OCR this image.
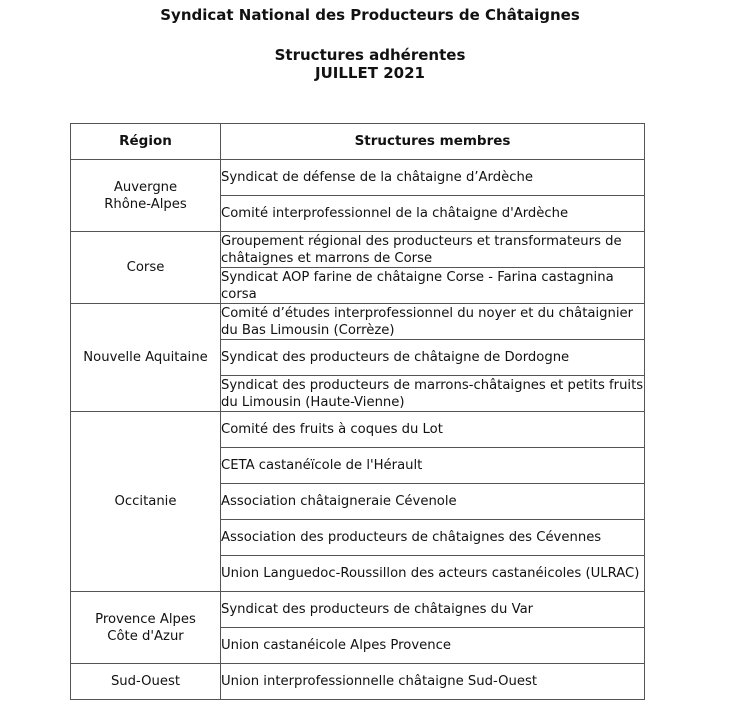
Syndicat National des Producteurs de Châtaignes
Structures adhérentes
JUILLET 2021
Région	Structures membres

Auvergne
Rhône-Alpes	Syndicat de défense de la châtaigne d’Ardèche

	Comité interprofessionnel de la châtaigne d'Ardèche

Corse	Groupement régional des producteurs et transformateurs de châtaignes et marrons de Corse

	Syndicat AOP farine de châtaigne Corse - Farina castagnina corsa

Nouvelle Aquitaine	Comité d’études interprofessionnel du noyer et du châtaignier du Bas Limousin (Corrèze)

	Syndicat des producteurs de châtaigne de Dordogne

	Syndicat des producteurs de marrons-châtaignes et petits fruits du Limousin (Haute-Vienne)

Occitanie	Comité des fruits à coques du Lot

	CETA castanéïcole de l'Hérault

	Association châtaigneraie Cévenole

	Association des producteurs de châtaignes des Cévennes

	Union Languedoc-Roussillon des acteurs castanéicoles (ULRAC)

Provence Alpes
Côte d'Azur	Syndicat des producteurs de châtaignes du Var

	Union castanéicole Alpes Provence

Sud-Ouest	Union interprofessionnelle châtaigne Sud-Ouest
